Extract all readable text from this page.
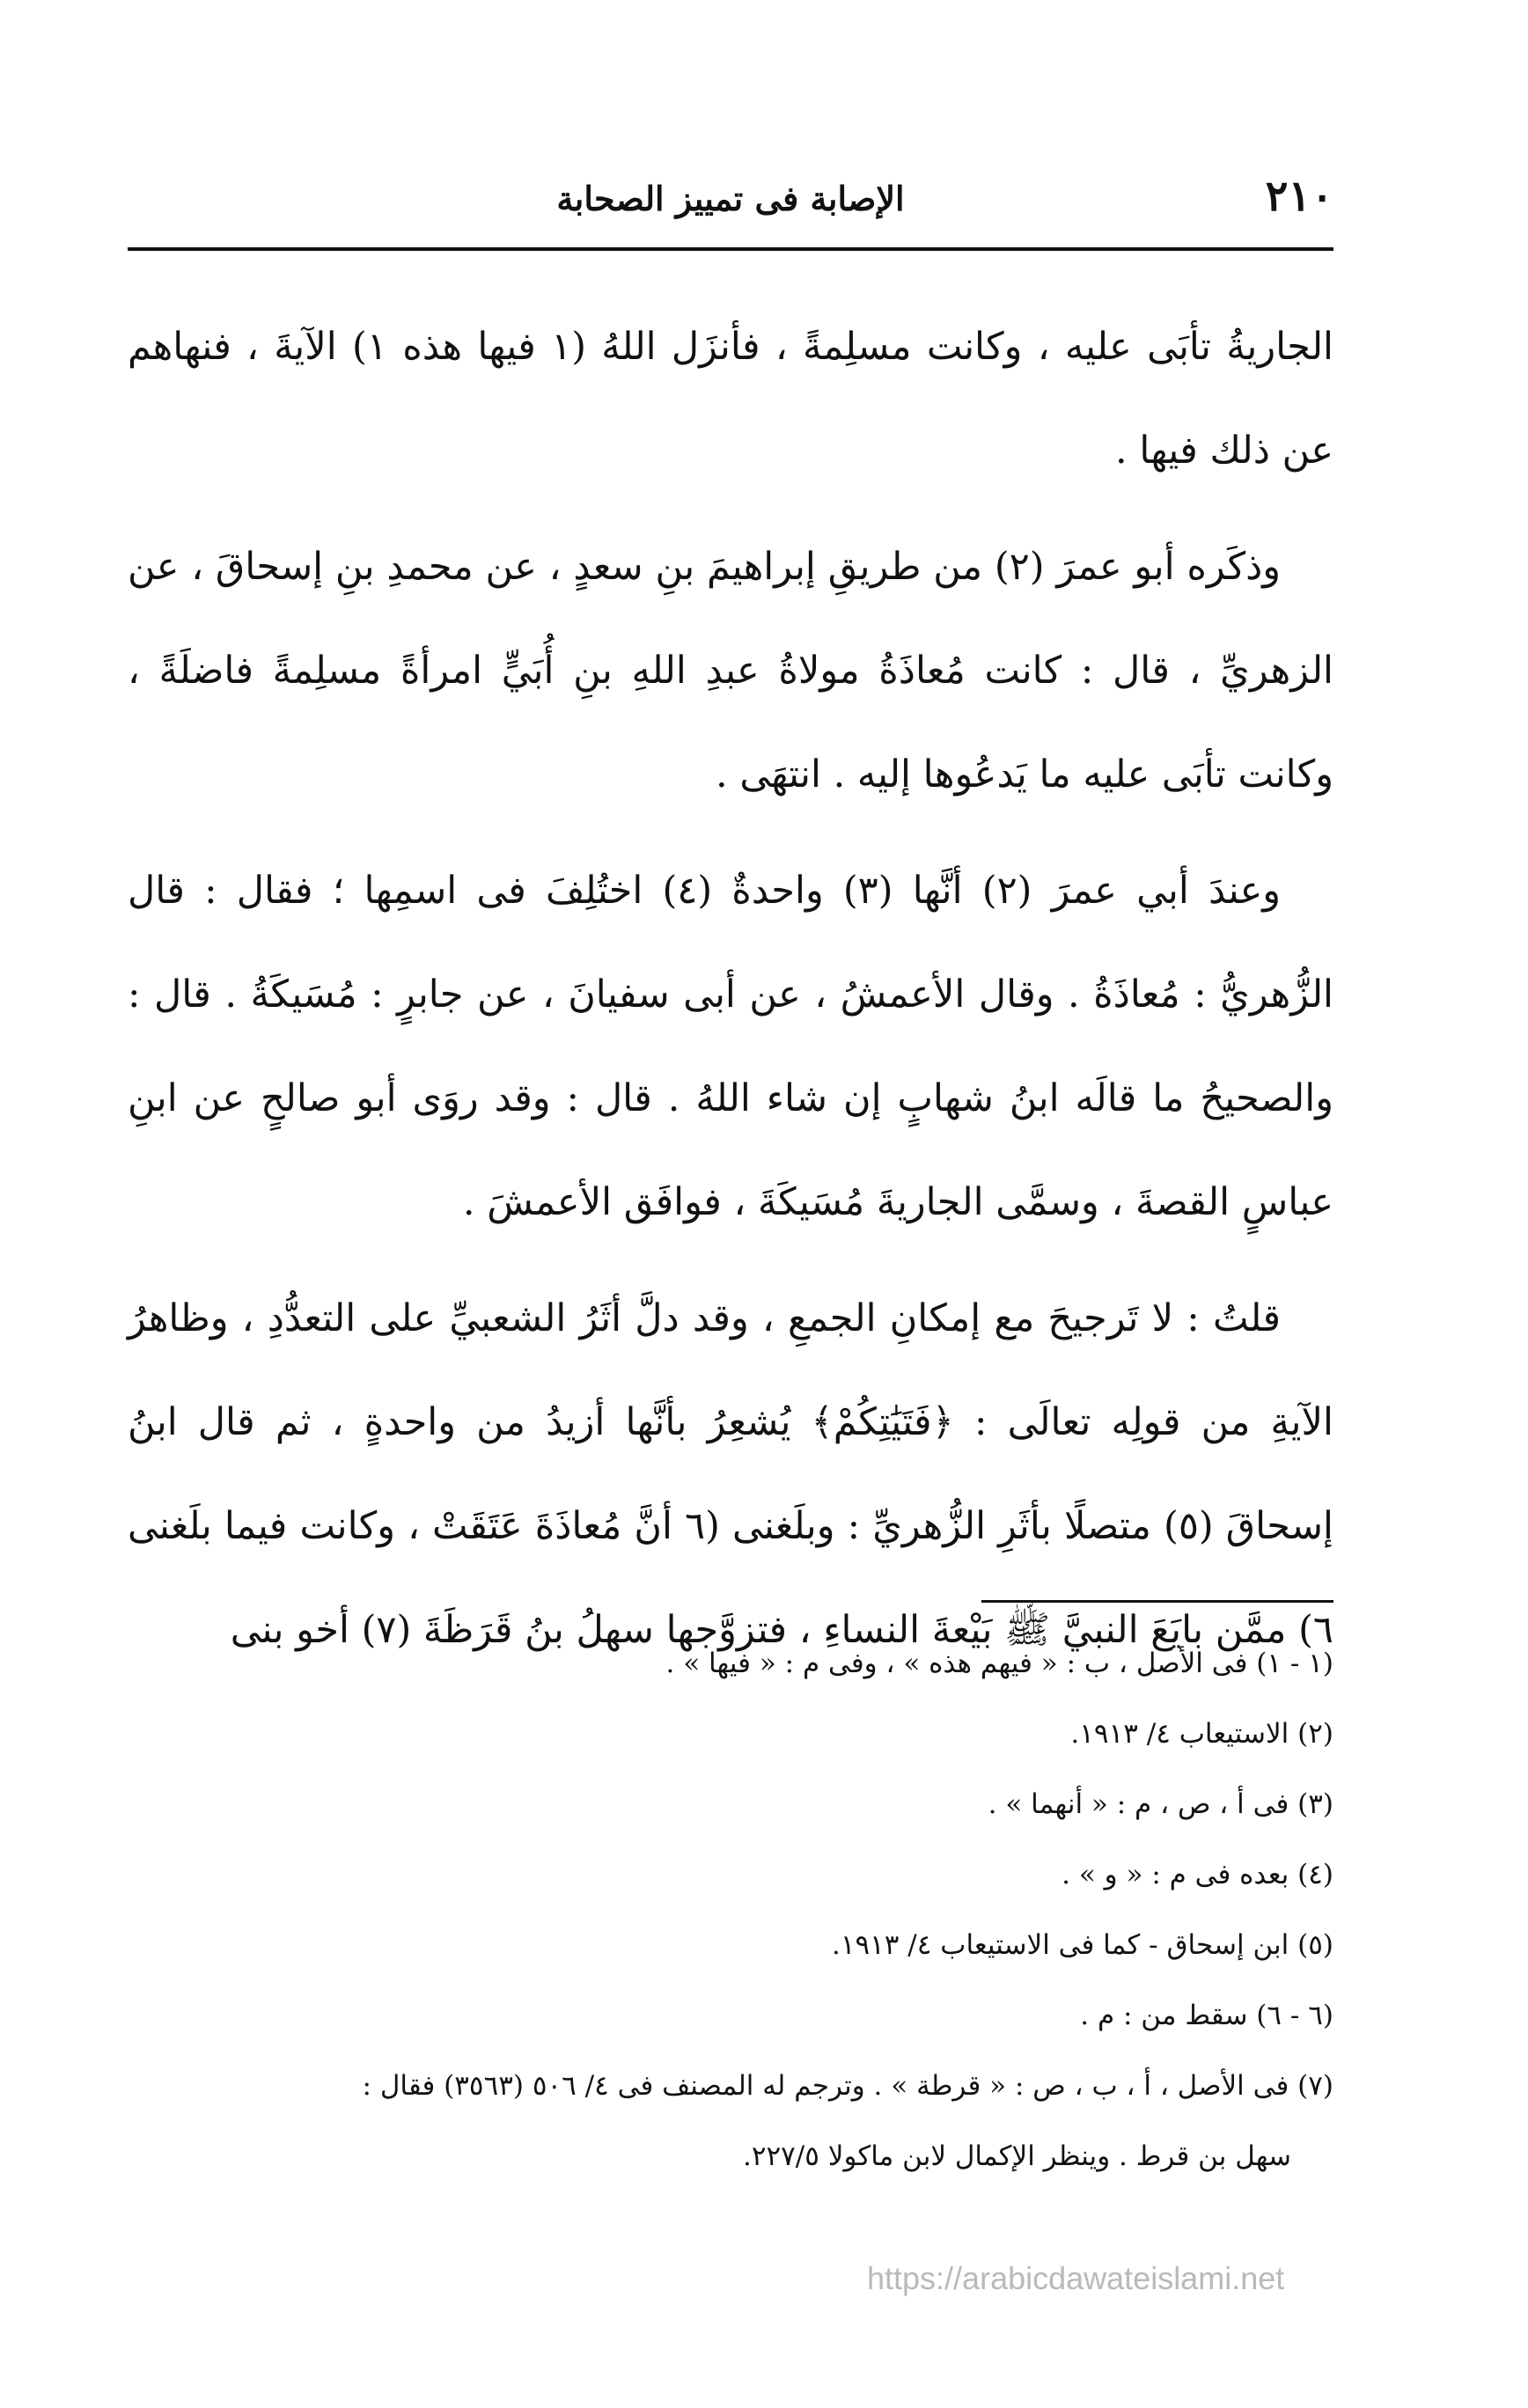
٢١٠
الإصابة فى تمييز الصحابة

الجاريةُ تأبَى عليه ، وكانت مسلِمةً ، فأنزَل اللهُ (١ فيها هذه ١) الآيةَ ، فنهاهم عن ذلك فيها .

وذكَره أبو عمرَ (٢) من طريقِ إبراهيمَ بنِ سعدٍ ، عن محمدِ بنِ إسحاقَ ، عن الزهريِّ ، قال : كانت مُعاذَةُ مولاةُ عبدِ اللهِ بنِ أُبَيٍّ امرأةً مسلِمةً فاضلَةً ، وكانت تأبَى عليه ما يَدعُوها إليه . انتهَى .

وعندَ أبي عمرَ (٢) أنَّها (٣) واحدةٌ (٤) اختُلِفَ فى اسمِها ؛ فقال : قال الزُّهريُّ : مُعاذَةُ . وقال الأعمشُ ، عن أبى سفيانَ ، عن جابرٍ : مُسَيكَةُ . قال : والصحيحُ ما قالَه ابنُ شهابٍ إن شاء اللهُ . قال : وقد روَى أبو صالحٍ عن ابنِ عباسٍ القصةَ ، وسمَّى الجاريةَ مُسَيكَةَ ، فوافَق الأعمشَ .

قلتُ : لا تَرجيحَ مع إمكانِ الجمعِ ، وقد دلَّ أثَرُ الشعبيِّ على التعدُّدِ ، وظاهرُ الآيةِ من قولِه تعالَى : ﴿فَتَيَٰتِكُمْ﴾ يُشعِرُ بأنَّها أزيدُ من واحدةٍ ، ثم قال ابنُ إسحاقَ (٥) متصلًا بأثَرِ الزُّهريِّ : وبلَغنى (٦ أنَّ مُعاذَةَ عَتَقَتْ ، وكانت فيما بلَغنى ٦) ممَّن بايَعَ النبيَّ ﷺ بَيْعةَ النساءِ ، فتزوَّجها سهلُ بنُ قَرَظَةَ (٧) أخو بنى

(١ - ١) فى الأصل ، ب : « فيهم هذه » ، وفى م : « فيها » .

(٢) الاستيعاب ٤/ ١٩١٣.

(٣) فى أ ، ص ، م : « أنهما » .

(٤) بعده فى م : « و » .

(٥) ابن إسحاق - كما فى الاستيعاب ٤/ ١٩١٣.

(٦ - ٦) سقط من : م .

(٧) فى الأصل ، أ ، ب ، ص : « قرطة » . وترجم له المصنف فى ٤/ ٥٠٦ (٣٥٦٣) فقال :

سهل بن قرط . وينظر الإكمال لابن ماكولا ٢٢٧/٥.

https://arabicdawateislami.net
